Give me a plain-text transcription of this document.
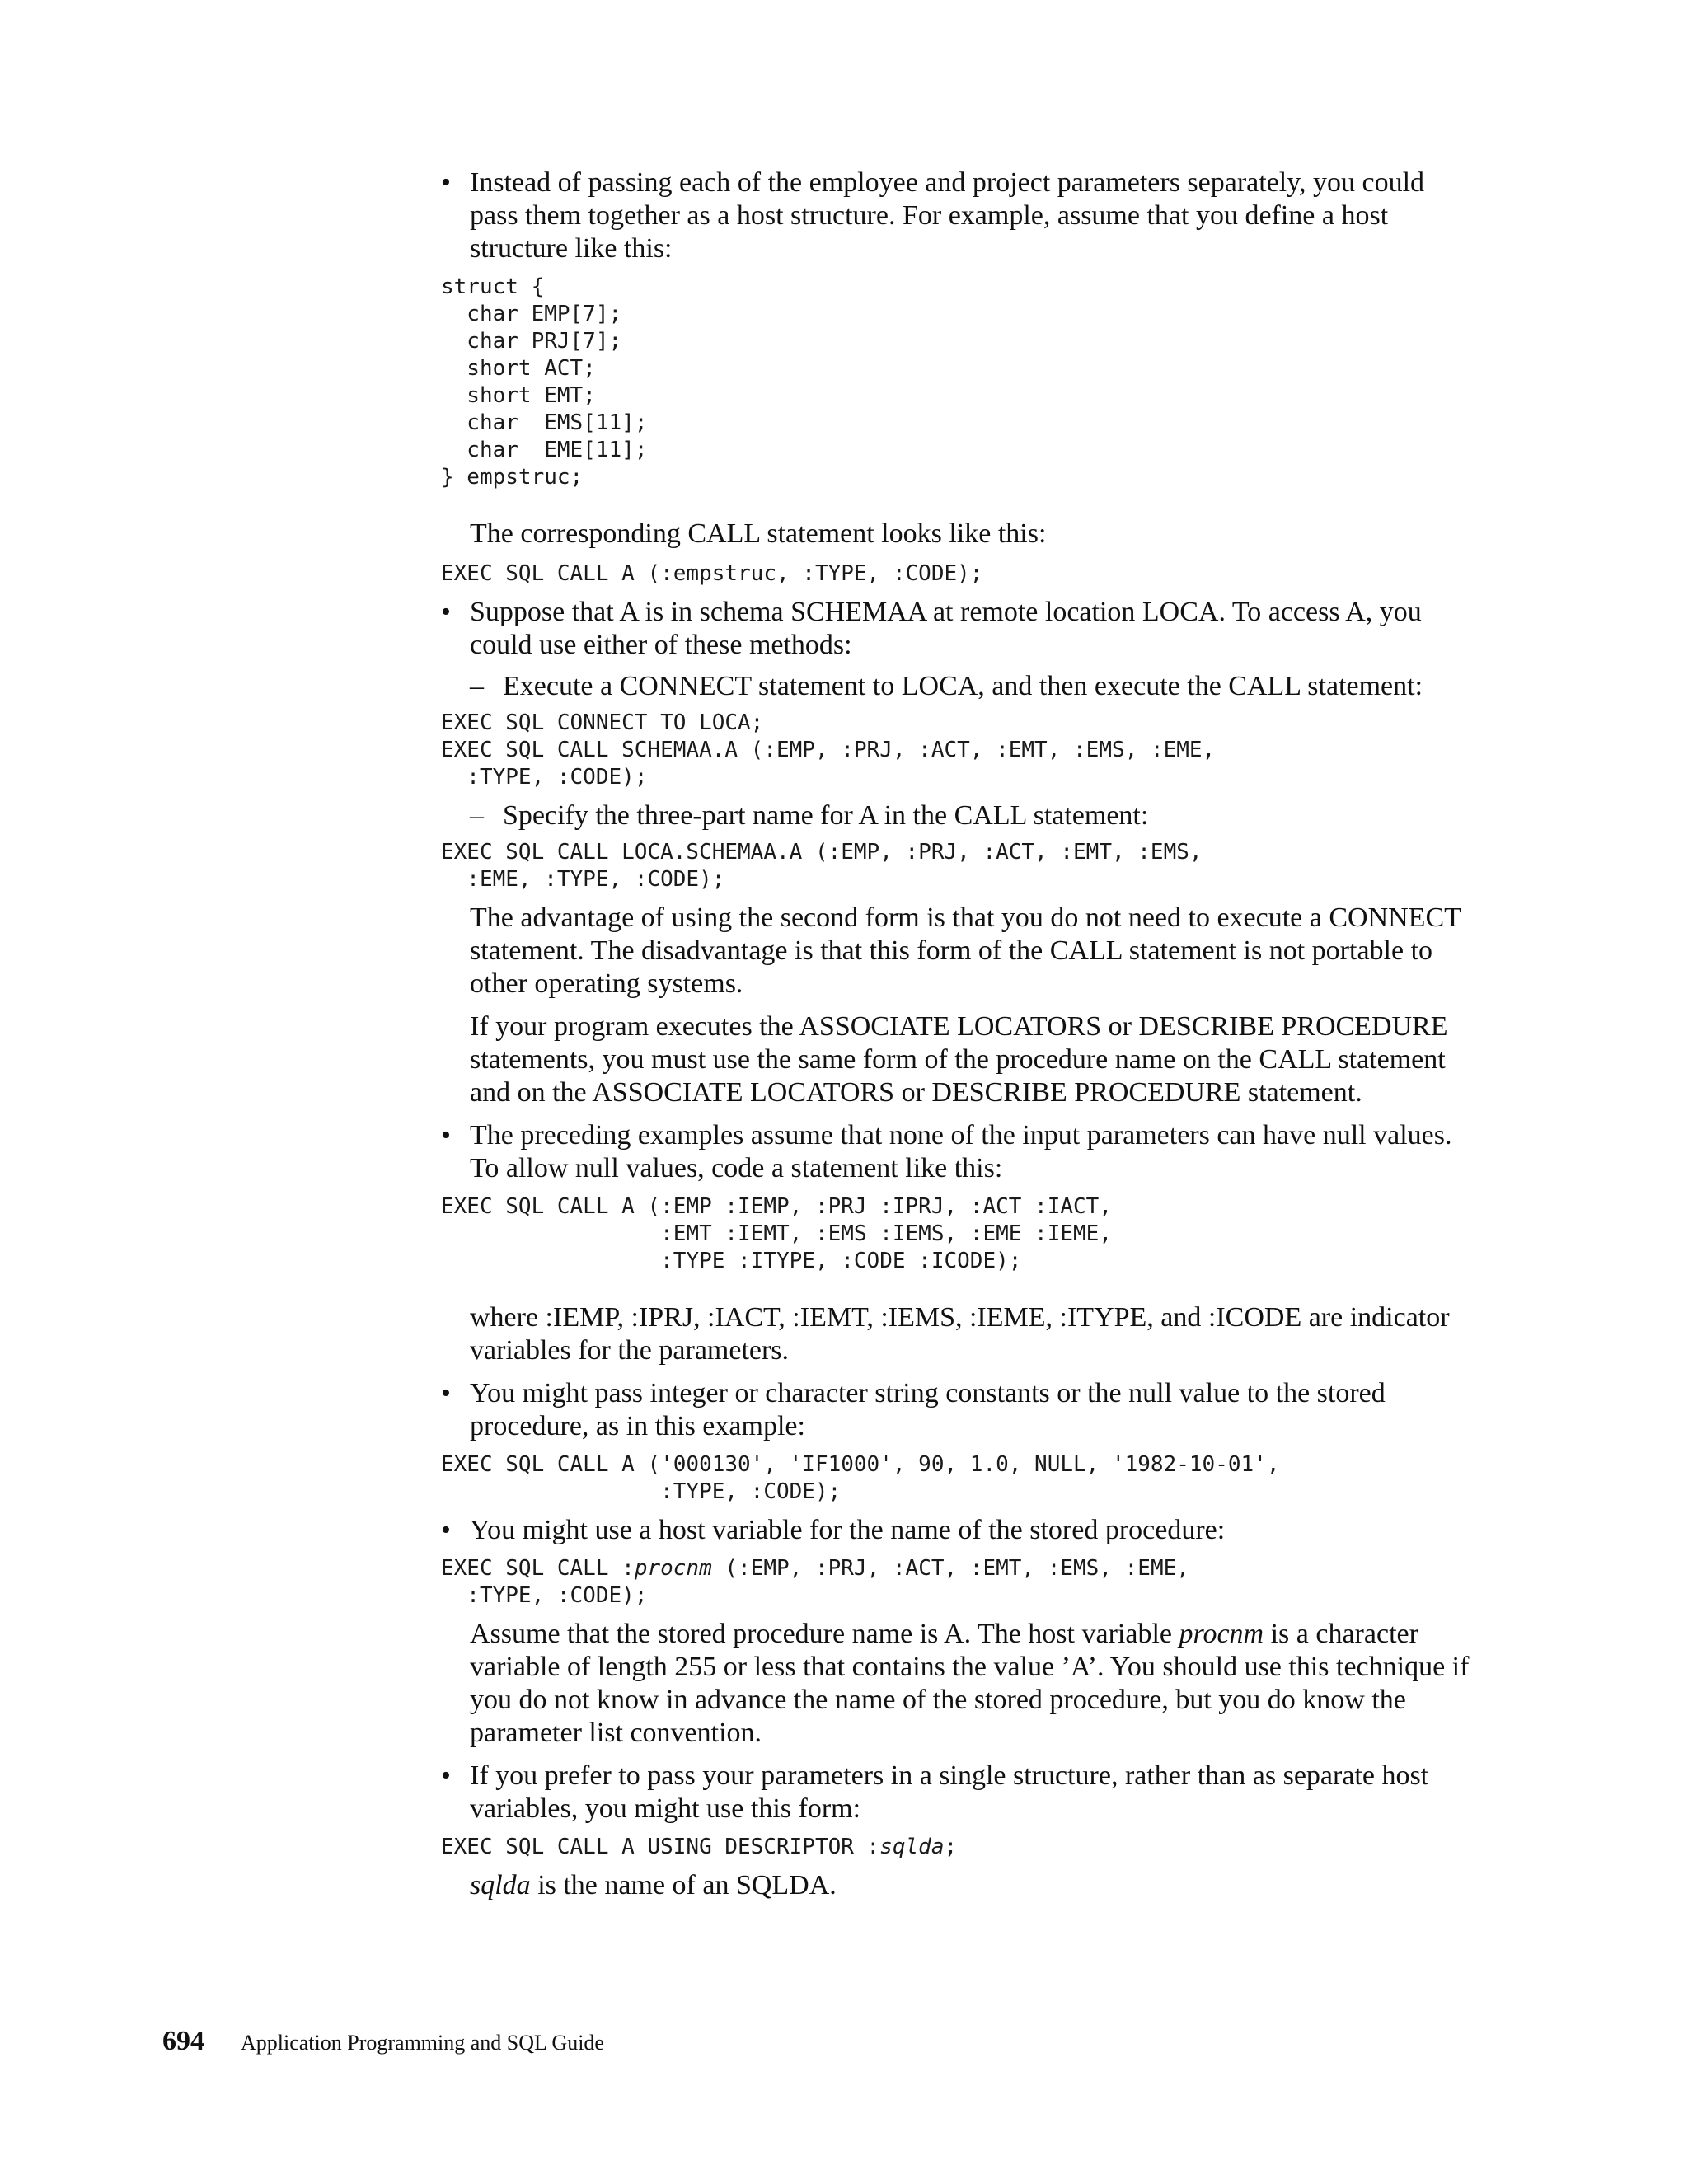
• Instead of passing each of the employee and project parameters separately, you could pass them together as a host structure. For example, assume that you define a host structure like this:
struct {
char EMP[7];
char PRJ[7];
short ACT;
short EMT;
char  EMS[11];
char  EME[11];
} empstruc;
The corresponding CALL statement looks like this:
EXEC SQL CALL A (:empstruc, :TYPE, :CODE);
• Suppose that A is in schema SCHEMAA at remote location LOCA. To access A, you could use either of these methods:
– Execute a CONNECT statement to LOCA, and then execute the CALL statement:
EXEC SQL CONNECT TO LOCA;
EXEC SQL CALL SCHEMAA.A (:EMP, :PRJ, :ACT, :EMT, :EMS, :EME,
:TYPE, :CODE);
– Specify the three-part name for A in the CALL statement:
EXEC SQL CALL LOCA.SCHEMAA.A (:EMP, :PRJ, :ACT, :EMT, :EMS,
:EME, :TYPE, :CODE);
The advantage of using the second form is that you do not need to execute a CONNECT statement. The disadvantage is that this form of the CALL statement is not portable to other operating systems.
If your program executes the ASSOCIATE LOCATORS or DESCRIBE PROCEDURE statements, you must use the same form of the procedure name on the CALL statement and on the ASSOCIATE LOCATORS or DESCRIBE PROCEDURE statement.
• The preceding examples assume that none of the input parameters can have null values. To allow null values, code a statement like this:
EXEC SQL CALL A (:EMP :IEMP, :PRJ :IPRJ, :ACT :IACT,
:EMT :IEMT, :EMS :IEMS, :EME :IEME,
:TYPE :ITYPE, :CODE :ICODE);
where :IEMP, :IPRJ, :IACT, :IEMT, :IEMS, :IEME, :ITYPE, and :ICODE are indicator variables for the parameters.
• You might pass integer or character string constants or the null value to the stored procedure, as in this example:
EXEC SQL CALL A ('000130', 'IF1000', 90, 1.0, NULL, '1982-10-01',
:TYPE, :CODE);
• You might use a host variable for the name of the stored procedure:
EXEC SQL CALL :procnm (:EMP, :PRJ, :ACT, :EMT, :EMS, :EME,
:TYPE, :CODE);
Assume that the stored procedure name is A. The host variable procnm is a character variable of length 255 or less that contains the value ’A’. You should use this technique if you do not know in advance the name of the stored procedure, but you do know the parameter list convention.
• If you prefer to pass your parameters in a single structure, rather than as separate host variables, you might use this form:
EXEC SQL CALL A USING DESCRIPTOR :sqlda;
sqlda is the name of an SQLDA.
694 Application Programming and SQL Guide
